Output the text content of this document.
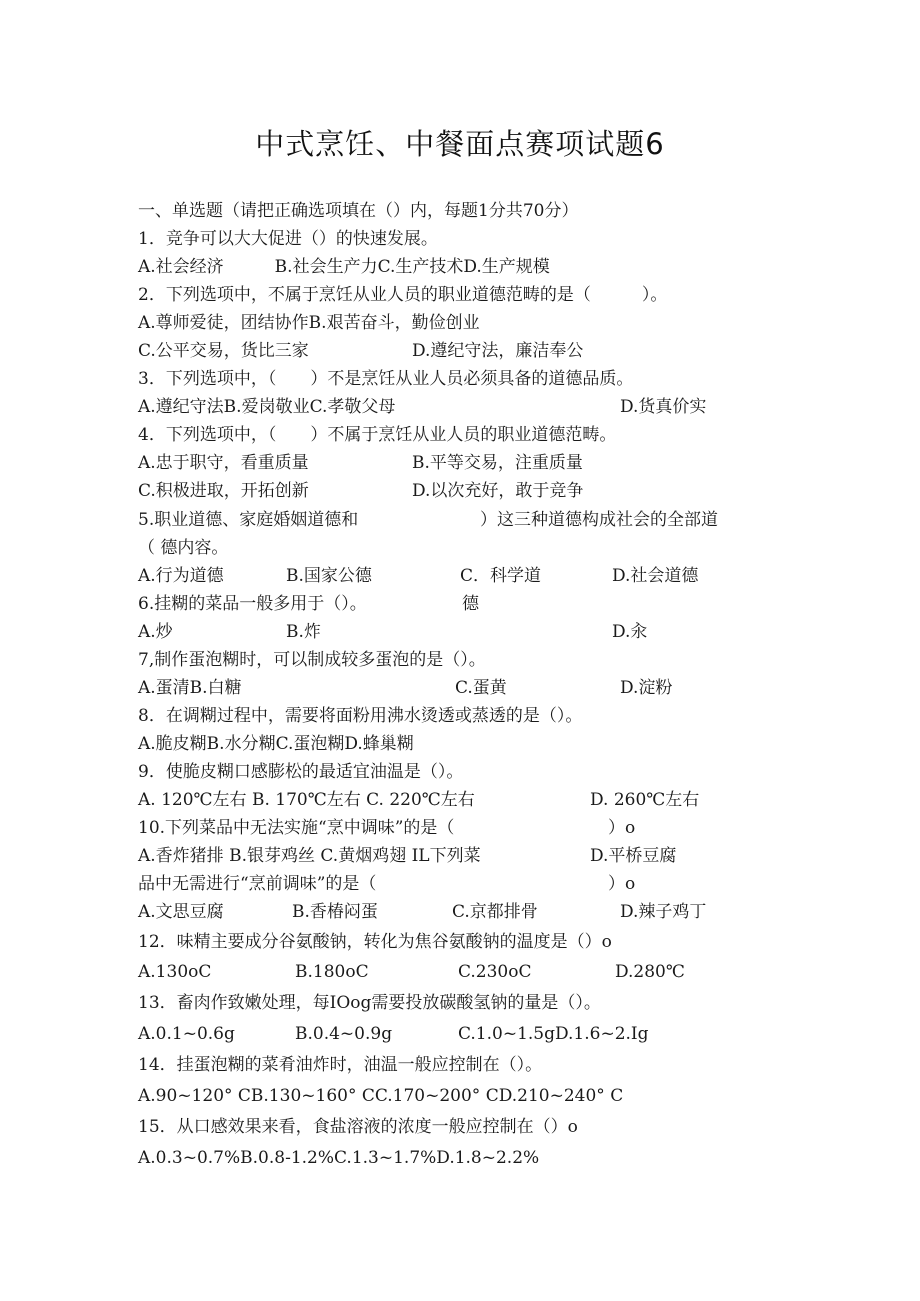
中式烹饪、中餐面点赛项试题6
一、单选题（请把正确选项填在（）内，每题1分共70分）
1．竞争可以大大促进（）的快速发展。
A.社会经济　　　B.社会生产力C.生产技术D.生产规模
2．下列选项中，不属于烹饪从业人员的职业道德范畴的是（　　　）。
A.尊师爱徒，团结协作B.艰苦奋斗，勤俭创业
C.公平交易，货比三家	D.遵纪守法，廉洁奉公
3．下列选项中，（　　）不是烹饪从业人员必须具备的道德品质。
A.遵纪守法B.爱岗敬业C.孝敬父母	D.货真价实
4．下列选项中，（　　）不属于烹饪从业人员的职业道德范畴。
A.忠于职守，看重质量	B.平等交易，注重质量
C.积极进取，开拓创新	D.以次充好，敢于竞争
5.职业道德、家庭婚姻道德和	）这三种道德构成社会的全部道
（ 德内容。
A.行为道德	B.国家公德	C．科学道	D.社会道德
6.挂糊的菜品一般多用于（）。	德
A.炒	B.炸	D.汆
7,制作蛋泡糊时，可以制成较多蛋泡的是（）。
A.蛋清B.白糖	C.蛋黄	D.淀粉
8．在调糊过程中，需要将面粉用沸水烫透或蒸透的是（）。
A.脆皮糊B.水分糊C.蛋泡糊D.蜂巢糊
9．使脆皮糊口感膨松的最适宜油温是（）。
A. 120℃左右 B. 170℃左右 C. 220℃左右	D. 260℃左右
10.下列菜品中无法实施“烹中调味”的是（	）o
A.香炸猪排 B.银芽鸡丝 C.黄烟鸡翅 IL下列菜	D.平桥豆腐
品中无需进行“烹前调味”的是（	）o
A.文思豆腐	B.香椿闷蛋	C.京都排骨	D.辣子鸡丁
12．味精主要成分谷氨酸钠，转化为焦谷氨酸钠的温度是（）o
A.130oC	B.180oC	C.230oC	D.280℃
13．畜肉作致嫩处理，每IOog需要投放碳酸氢钠的量是（）。
A.0.1~0.6g	B.0.4~0.9g	C.1.0~1.5gD.1.6~2.Ig
14．挂蛋泡糊的菜肴油炸时，油温一般应控制在（）。
A.90~120° CB.130~160° CC.170~200° CD.210~240° C
15．从口感效果来看，食盐溶液的浓度一般应控制在（）o
A.0.3~0.7%B.0.8-1.2%C.1.3~1.7%D.1.8~2.2%
